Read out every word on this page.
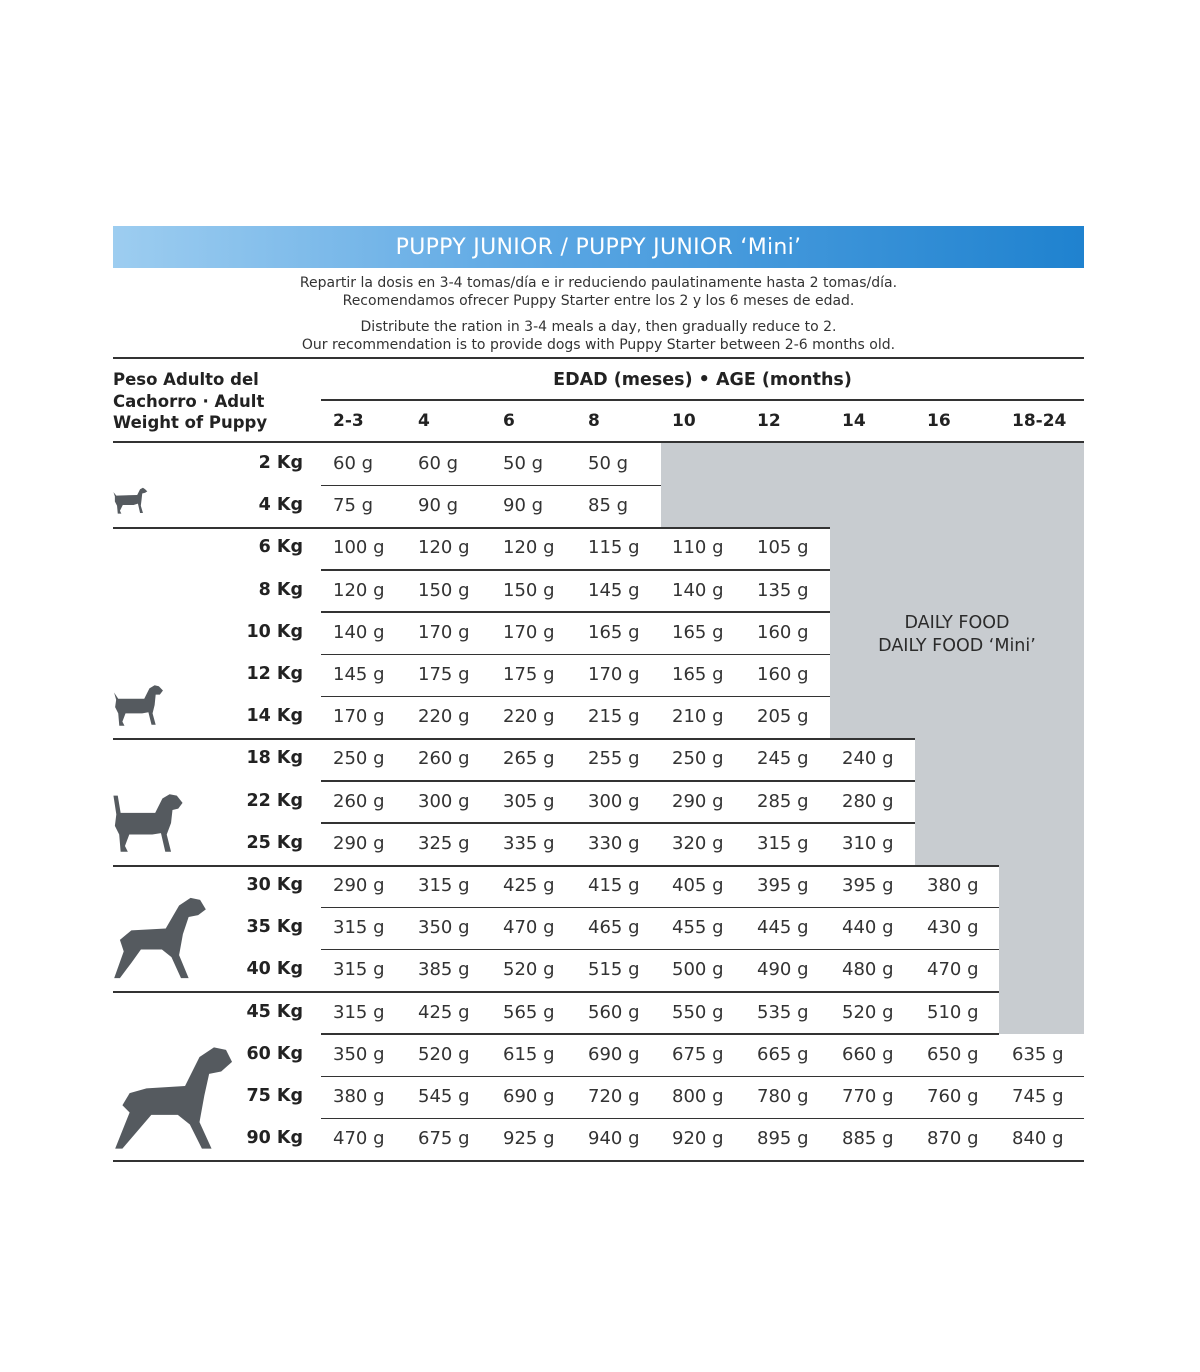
PUPPY JUNIOR / PUPPY JUNIOR ‘Mini’

Repartir la dosis en 3-4 tomas/día e ir reduciendo paulatinamente hasta 2 tomas/día.

Recomendamos ofrecer Puppy Starter entre los 2 y los 6 meses de edad.

Distribute the ration in 3-4 meals a day, then gradually reduce to 2.

Our recommendation is to provide dogs with Puppy Starter between 2-6 months old.

DAILY FOOD
DAILY FOOD ‘Mini’
Peso Adulto del
Cachorro · Adult
Weight of Puppy
EDAD (meses) • AGE (months)
2-3	4	6	8	10	12	14	16	18-24
2 Kg 60 g 60 g 50 g 50 g
4 Kg 75 g 90 g 90 g 85 g
6 Kg 100 g 120 g 120 g 115 g 110 g 105 g
8 Kg 120 g 150 g 150 g 145 g 140 g 135 g
10 Kg 140 g 170 g 170 g 165 g 165 g 160 g
12 Kg 145 g 175 g 175 g 170 g 165 g 160 g
14 Kg 170 g 220 g 220 g 215 g 210 g 205 g
18 Kg 250 g 260 g 265 g 255 g 250 g 245 g 240 g
22 Kg 260 g 300 g 305 g 300 g 290 g 285 g 280 g
25 Kg 290 g 325 g 335 g 330 g 320 g 315 g 310 g
30 Kg 290 g 315 g 425 g 415 g 405 g 395 g 395 g 380 g
35 Kg 315 g 350 g 470 g 465 g 455 g 445 g 440 g 430 g
40 Kg 315 g 385 g 520 g 515 g 500 g 490 g 480 g 470 g
45 Kg 315 g 425 g 565 g 560 g 550 g 535 g 520 g 510 g
60 Kg 350 g 520 g 615 g 690 g 675 g 665 g 660 g 650 g 635 g
75 Kg 380 g 545 g 690 g 720 g 800 g 780 g 770 g 760 g 745 g
90 Kg 470 g 675 g 925 g 940 g 920 g 895 g 885 g 870 g 840 g
